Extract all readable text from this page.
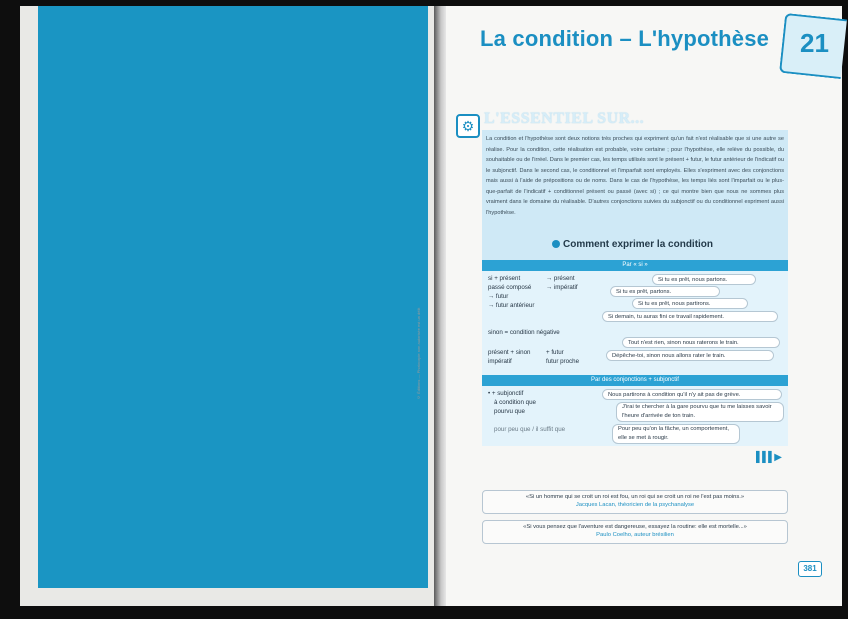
© Éditions — Photocopie non autorisée est un délit
La condition – L'hypothèse 21
⚙ L'ESSENTIEL SUR...
La condition et l'hypothèse sont deux notions très proches qui expriment qu'un fait n'est réalisable que si une autre se réalise. Pour la condition, cette réalisation est probable, voire certaine ; pour l'hypothèse, elle relève du possible, du souhaitable ou de l'irréel. Dans le premier cas, les temps utilisés sont le présent + futur, le futur antérieur de l'indicatif ou le subjonctif. Dans le second cas, le conditionnel et l'imparfait sont employés. Elles s'expriment avec des conjonctions mais aussi à l'aide de prépositions ou de noms. Dans le cas de l'hypothèse, les temps liés sont l'imparfait ou le plus-que-parfait de l'indicatif + conditionnel présent ou passé (avec si) ; ce qui montre bien que nous ne sommes plus vraiment dans le domaine du réalisable. D'autres conjonctions suivies du subjonctif ou du conditionnel expriment aussi l'hypothèse.
Comment exprimer la condition
Par « si »
si + présent	→ présent
passé composé → impératif
→ futur
→ futur antérieur
Si tu es prêt, nous partons.
Si tu es prêt, partons.
Si tu es prêt, nous partirons.
Si demain, tu auras fini ce travail rapidement.
sinon = condition négative
présent + sinon	+ futur
impératif	futur proche
Tout n'est rien, sinon nous raterons le train.
Dépêche-toi, sinon nous allons rater le train.
Par des conjonctions + subjonctif
• + subjonctif
à condition que
pourvu que
pour peu que / il suffit que
Nous partirons à condition qu'il n'y ait pas de grève.
J'irai te chercher à la gare pourvu que tu me laisses savoir l'heure d'arrivée de ton train.
Pour peu qu'on la fâche, un comportement, elle se met à rougir.
▌▌▌▶
«Si un homme qui se croit un roi est fou, un roi qui se croit un roi ne l'est pas moins.»
Jacques Lacan, théoricien de la psychanalyse
«Si vous pensez que l'aventure est dangereuse, essayez la routine: elle est mortelle...»
Paulo Coelho, auteur brésilien
381
